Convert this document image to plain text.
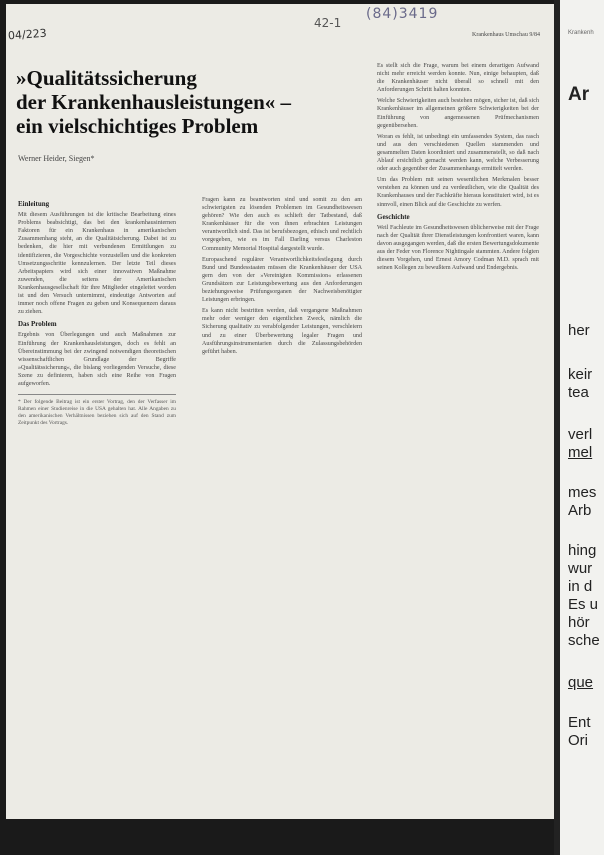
04/223
42-1
(84)3419
Krankenhaus Umschau 9/84
»Qualitätssicherung
der Krankenhausleistungen« –
ein vielschichtiges Problem
Werner Heider, Siegen*
Einleitung

Mit diesem Ausführungen ist die kritische Bearbeitung eines Problems beabsichtigt, das bei den krankenhausinternen Faktoren für ein Krankenhaus in amerikanischen Zusammenhang steht, an die Qualitätsicherung. Dabei ist zu bedenken, die hier mit verbundenen Ermittlungen zu identifizieren, die Vorgeschichte vorzustellen und die konkreten Umsetzungsschritte kennzulernen. Der letzte Teil dieses Arbeitspapiers wird sich einer innovativen Maßnahme zuwenden, die seitens der Amerikanischen Krankenhausgesellschaft für ihre Mitglieder eingeleitet worden ist und den Versuch unternimmt, eindeutige Antworten auf immer noch offene Fragen zu geben und Konsequenzen daraus zu ziehen.

Das Problem

Ergebnis von Überlegungen und auch Maßnahmen zur Einführung der Krankenhausleistungen, doch es fehlt an Übereinstimmung bei der zwingend notwendigen theoretischen wissenschaftlichen Grundlage der Begriffe »Qualitätssicherung«, die bislang vorliegenden Versuche, diese Szene zu definieren, haben sich eine Reihe von Fragen aufgeworfen.

* Der folgende Beitrag ist ein erster Vortrag, den der Verfasser im Rahmen einer Studienreise in die USA gehalten hat. Alle Angaben zu den amerikanischen Verhältnissen beziehen sich auf den Stand zum Zeitpunkt des Vortrags.

Fragen kann zu beantworten sind und somit zu den am schwierigsten zu lösenden Problemen im Gesundheitswesen gehören? Wie den auch es schlieft der Tatbestand, daß Krankenhäuser für die von ihnen erbrachten Leistungen verantwortlich sind. Das ist berufsbezogen, ethisch und rechtlich vorgegeben, wie es im Fall Darling versus Charleston Community Memorial Hospital dargestellt wurde.

Europaschend regulärer Verantwortlichkeitsfestlegung durch Bund und Bundesstaaten müssen die Krankenhäuser der USA gern den von der »Vereinigten Kommission« erlassenen Grundsätzen zur Leistungsbewertung aus den Anforderungen beziehungsweise Prüfungsorganen der Nachweisbenötigter Leistungen erbringen.

Es kann nicht bestritten werden, daß vergangene Maßnahmen mehr oder weniger den eigentlichen Zweck, nämlich die Sicherung qualitativ zu verabfolgender Leistungen, verschleiern und zu einer Überbewertung legaler Fragen und Ausführungsinstrumentarien durch die Zulassungsbehörden geführt haben.

Es stellt sich die Frage, warum bei einem derartigen Aufwand nicht mehr erreicht werden konnte. Nun, einige behaupten, daß die Krankenhäuser nicht überall so schnell mit den Anforderungen Schritt halten konnten.

Welche Schwierigkeiten auch bestehen mögen, sicher ist, daß sich Krankenhäuser im allgemeinen größere Schwierigkeiten bei der Einführung von angemessenen Prüfmechanismen gegenübersehen.

Woran es fehlt, ist unbedingt ein umfassendes System, das rasch und aus den verschiedenen Quellen stammenden und gesammelten Daten koordiniert und zusammenstellt, so daß nach Ablauf ersichtlich gemacht werden kann, welche Verbesserung oder auch gegenüber der Zusammenhangs ermittelt werden.

Um das Problem mit seinen wesentlichen Merkmalen besser verstehen zu können und zu verdeutlichen, wie die Qualität des Krankenhauses und der Fachkräfte hieraus konstituiert wird, ist es sinnvoll, einen Blick auf die Geschichte zu werfen.

Geschichte

Weil Fachleute im Gesundheitswesen üblicherweise mit der Frage nach der Qualität ihrer Dienstleistungen konfrontiert waren, kann davon ausgegangen werden, daß die ersten Bewertungsdokumente aus der Feder von Florence Nightingale stammten. Andere folgten diesem Vorgehen, und Ernest Amory Codman M.D. sprach mit seinen Kollegen zu bewußtem Aufwand und Endergebnis.

Krankenh
Ar
her
keir
tea
verl
mel
mes
Arb
hing
wur
in d
Es u
hör
sche
que
Ent
Ori
